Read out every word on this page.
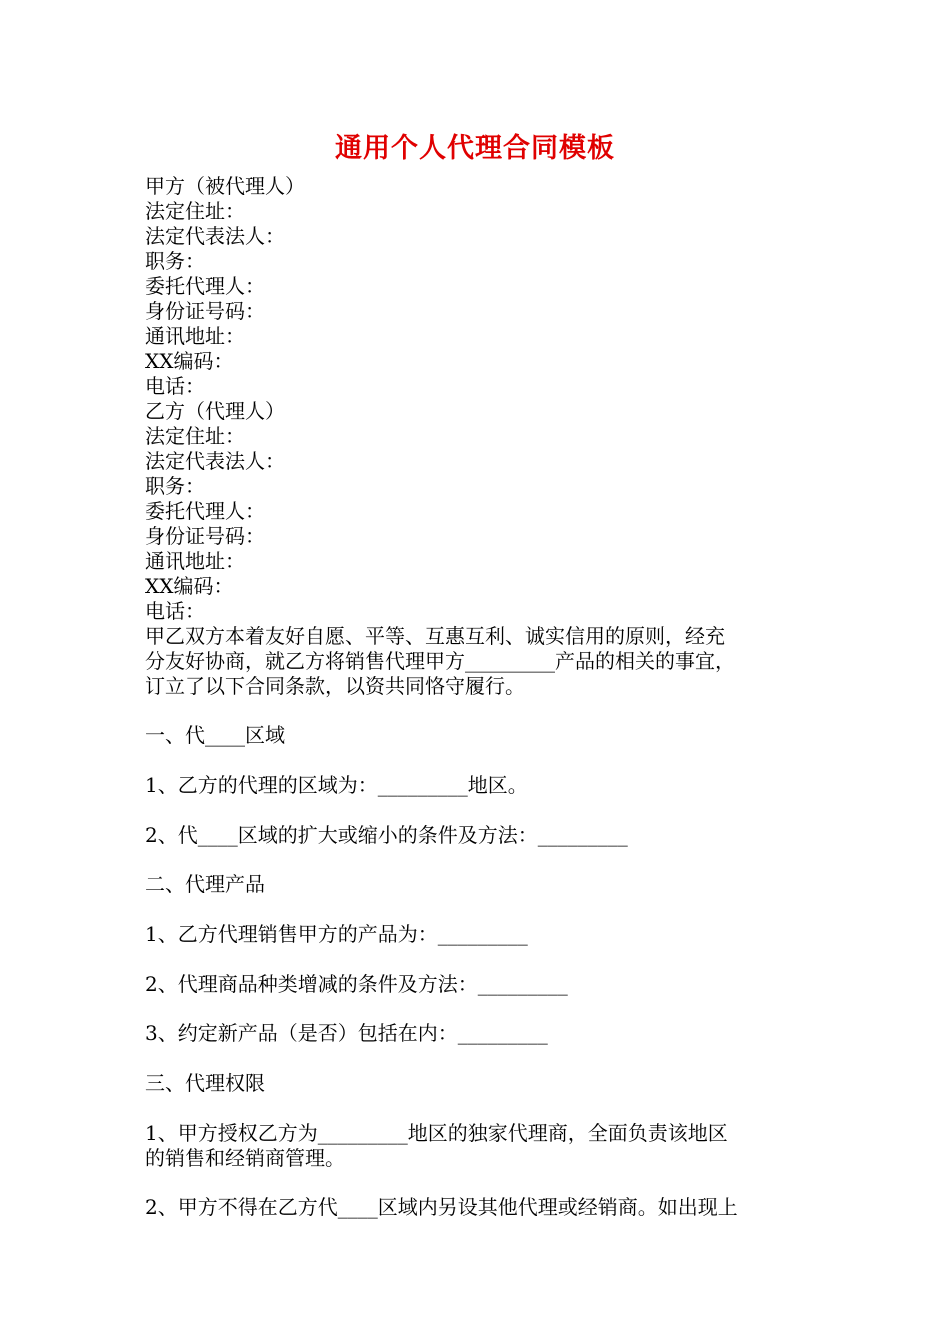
通用个人代理合同模板
甲方（被代理人）
法定住址：
法定代表法人：
职务：
委托代理人：
身份证号码：
通讯地址：
XX编码：
电话：
乙方（代理人）
法定住址：
法定代表法人：
职务：
委托代理人：
身份证号码：
通讯地址：
XX编码：
电话：
甲乙双方本着友好自愿、平等、互惠互利、诚实信用的原则，经充
分友好协商，就乙方将销售代理甲方_________产品的相关的事宜，
订立了以下合同条款，以资共同恪守履行。
一、代____区域
1、乙方的代理的区域为：_________地区。
2、代____区域的扩大或缩小的条件及方法：_________
二、代理产品
1、乙方代理销售甲方的产品为：_________
2、代理商品种类增减的条件及方法：_________
3、约定新产品（是否）包括在内：_________
三、代理权限
1、甲方授权乙方为_________地区的独家代理商，全面负责该地区
的销售和经销商管理。
2、甲方不得在乙方代____区域内另设其他代理或经销商。如出现上
